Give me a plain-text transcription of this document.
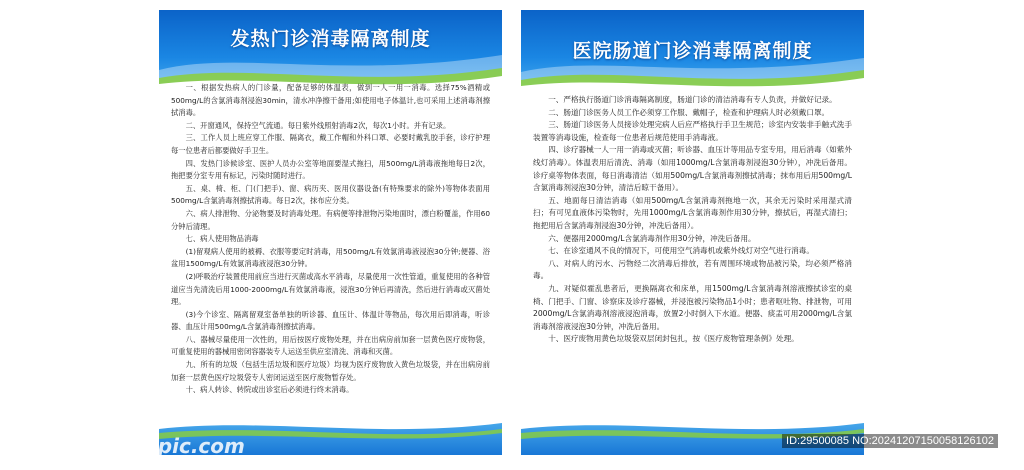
发热门诊消毒隔离制度

一、根据发热病人的门诊量，配备足够的体温表，做到一人一用一消毒。选择75%酒精或500mg/L的含氯消毒剂浸泡30min，清水冲净擦干备用;如使用电子体温计,也可采用上述消毒剂擦拭消毒。

二、开窗通风，保持空气流通。每日紫外线照射消毒2次，每次1小时。并有记录。

三、工作人员上班应穿工作服、隔离衣，戴工作帽和外科口罩、必要时戴乳胶手套，诊疗护理每一位患者后都要做好手卫生。

四、发热门诊候诊室、医护人员办公室等地面要湿式拖扫，用500mg/L消毒液拖地每日2次，拖把要分室专用有标记，污染时随时进行。

五、桌、椅、柜、门(门把手)、窗、病历夹、医用仪器设备(有特殊要求的除外)等物体表面用500mg/L含氯消毒剂擦拭消毒。每日2次，抹布应分类。

六、病人排泄物、分泌物要及时消毒处理。有病便等排泄物污染地面时，漂白粉覆盖，作用60分钟后清理。

七、病人使用物品消毒

(1)留观病人使用的被褥、衣服等要定时消毒，用500mg/L有效氯消毒液浸泡30分钟;便器、浴盆用1500mg/L有效氯消毒液浸泡30分钟。

(2)呼吸治疗装置使用前应当进行灭菌或高水平消毒，尽量使用一次性管道，重复使用的各种管道应当先清洗后用1000-2000mg/L有效氯消毒液，浸泡30分钟后再清洗，然后进行消毒或灭菌处理。

(3)今个诊室、隔离留观室备单独的听诊器、血压计、体温计等物品，每次用后即消毒，听诊器、血压计用500mg/L含氯消毒剂擦拭消毒。

八、器械尽量使用一次性的，用后按医疗废物处理，并在出病房前加套一层黄色医疗废物袋，可重复使用的器械用密闭容器装专人运送至供应室清洗、消毒和灭菌。

九、所有的垃圾（包括生活垃圾和医疗垃圾）均视为医疗废物放入黄色垃圾袋，并在出病房前加套一层黄色医疗垃圾袋专人密闭运送至医疗废物暂存处。

十、病人转诊、转院或出诊室后必须进行终末消毒。

医院肠道门诊消毒隔离制度

一、严格执行肠道门诊消毒隔离制度，肠道门诊的清洁消毒有专人负责，并做好记录。

二、肠道门诊医务人员工作必须穿工作服、戴帽子，检查和护理病人时必须戴口罩。

三、肠道门诊医务人员接诊处理完病人后应严格执行手卫生规范；诊室内安装非手触式洗手装置等消毒设施，检查每一位患者后规范使用手消毒液。

四、诊疗器械一人一用一消毒或灭菌；听诊器、血压计等用品专室专用，用后消毒（如紫外线灯消毒）。体温表用后清洗、消毒（如用1000mg/L含氯消毒剂浸泡30分钟），冲洗后备用。诊疗桌等物体表面，每日消毒清洁（如用500mg/L含氯消毒剂擦拭消毒；抹布用后用500mg/L含氯消毒剂浸泡30分钟，清洁后晾干备用）。

五、地面每日清洁消毒（如用500mg/L含氯消毒剂拖地一次，其余无污染时采用湿式清扫；有可见血液体污染物时，先用1000mg/L含氯消毒剂作用30分钟，擦拭后，再湿式清扫；拖把用后含氯消毒剂浸泡30分钟，冲洗后备用）。

六、便器用2000mg/L含氯消毒剂作用30分钟，冲洗后备用。

七、在诊室通风不良的情况下，可使用空气消毒机或紫外线灯对空气进行消毒。

八、对病人的污水、污物经二次消毒后排放，若有周围环境或物品被污染，均必须严格消毒。

九、对疑似霍乱患者后，更换隔离衣和床单，用1500mg/L含氯消毒剂溶液擦拭诊室的桌椅、门把手、门窗、诊察床及诊疗器械，并浸泡被污染物品1小时；患者呕吐物、排泄物，可用2000mg/L含氯消毒剂溶液浸泡消毒，放置2小时倒入下水道。便器、痰盂可用2000mg/L含氯消毒剂溶液浸泡30分钟，冲洗后备用。

十、医疗废物用黄色垃圾袋双层闭封包扎，按《医疗废物管理条例》处理。

昵享网 www.nipic.com	ID:29500085 NO:20241207150058126102
